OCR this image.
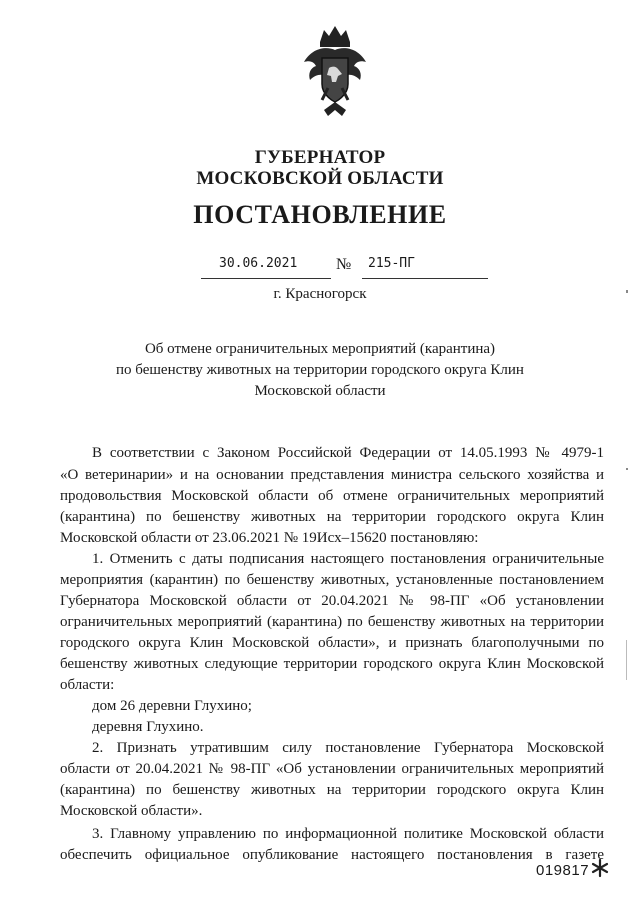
ГУБЕРНАТОР
МОСКОВСКОЙ ОБЛАСТИ
ПОСТАНОВЛЕНИЕ
30.06.2021 №	215-ПГ
г. Красногорск
Об отмене ограничительных мероприятий (карантина)
по бешенству животных на территории городского округа Клин
Московской области
В соответствии с Законом Российской Федерации от 14.05.1993 № 4979-1
«О ветеринарии» и на основании представления министра сельского хозяйства и
продовольствия Московской области об отмене ограничительных мероприятий
(карантина) по бешенству животных на территории городского округа Клин
Московской области от 23.06.2021 № 19Исх–15620 постановляю:
1. Отменить с даты подписания настоящего постановления ограничительные
мероприятия (карантин) по бешенству животных, установленные постановлением
Губернатора Московской области от 20.04.2021 № 98-ПГ «Об установлении
ограничительных мероприятий (карантина) по бешенству животных на территории
городского округа Клин Московской области», и признать благополучными по
бешенству животных следующие территории городского округа Клин Московской
области:
дом 26 деревни Глухино;
деревня Глухино.
2. Признать утратившим силу постановление Губернатора Московской
области от 20.04.2021 № 98-ПГ «Об установлении ограничительных мероприятий
(карантина) по бешенству животных на территории городского округа Клин
Московской области».
3. Главному управлению по информационной политике Московской области
обеспечить официальное опубликование настоящего постановления в газете
019817
